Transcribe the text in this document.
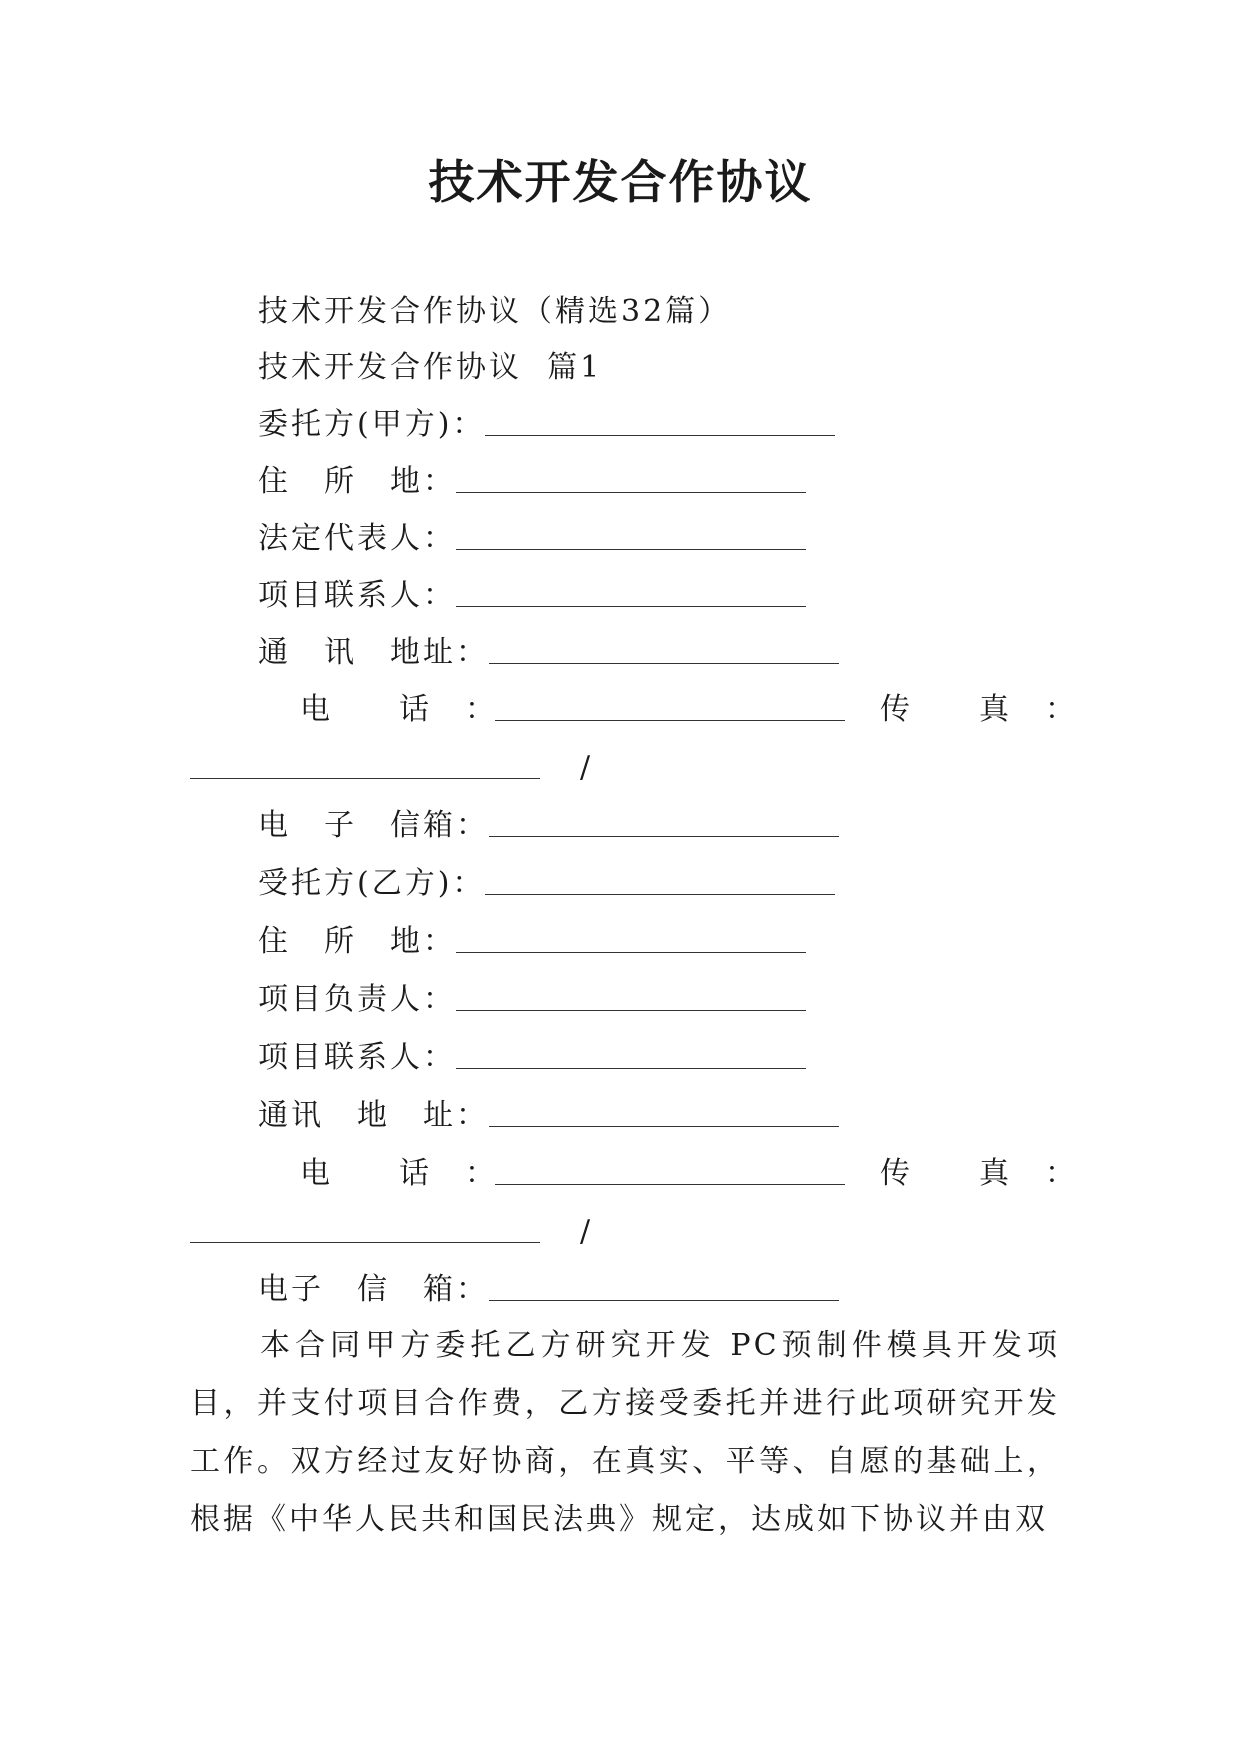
技术开发合作协议
技术开发合作协议（精选32篇）
技术开发合作协议  篇1
委托方(甲方)：
住　所　地：
法定代表人：
项目联系人：
通　讯　地址：
电　　话　：	传　　真　：
/
电　子　信箱：
受托方(乙方)：
住　所　地：
项目负责人：
项目联系人：
通讯　地　址：
电　　话　：	传　　真　：
/
电子　信　箱：
本合同甲方委托乙方研究开发 PC预制件模具开发项目，并支付项目合作费，乙方接受委托并进行此项研究开发工作。双方经过友好协商，在真实、平等、自愿的基础上，根据《中华人民共和国民法典》规定，达成如下协议并由双
